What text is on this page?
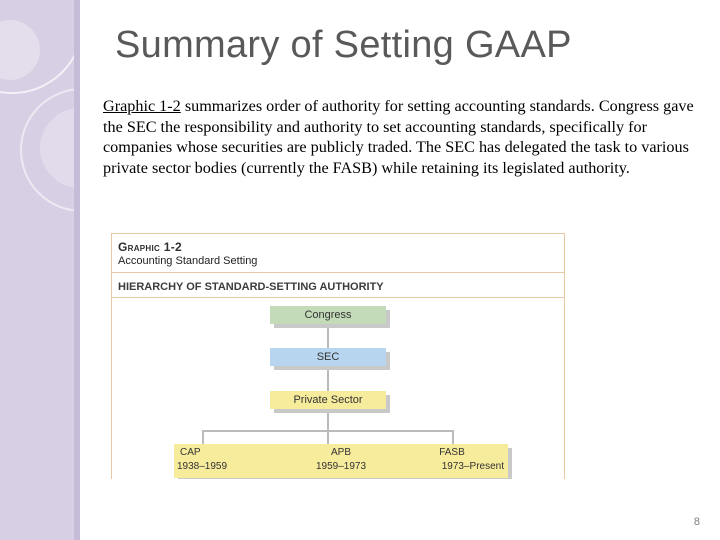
Summary of Setting GAAP

Graphic 1-2 summarizes order of authority for setting accounting standards. Congress gave the SEC the responsibility and authority to set accounting standards, specifically for companies whose securities are publicly traded. The SEC has delegated the task to various private sector bodies (currently the FASB) while retaining its legislated authority.

Graphic 1-2
Accounting Standard Setting
HIERARCHY OF STANDARD-SETTING AUTHORITY
Congress
SEC
Private Sector
CAP
1938–1959
APB
1959–1973
FASB
1973–Present
8
